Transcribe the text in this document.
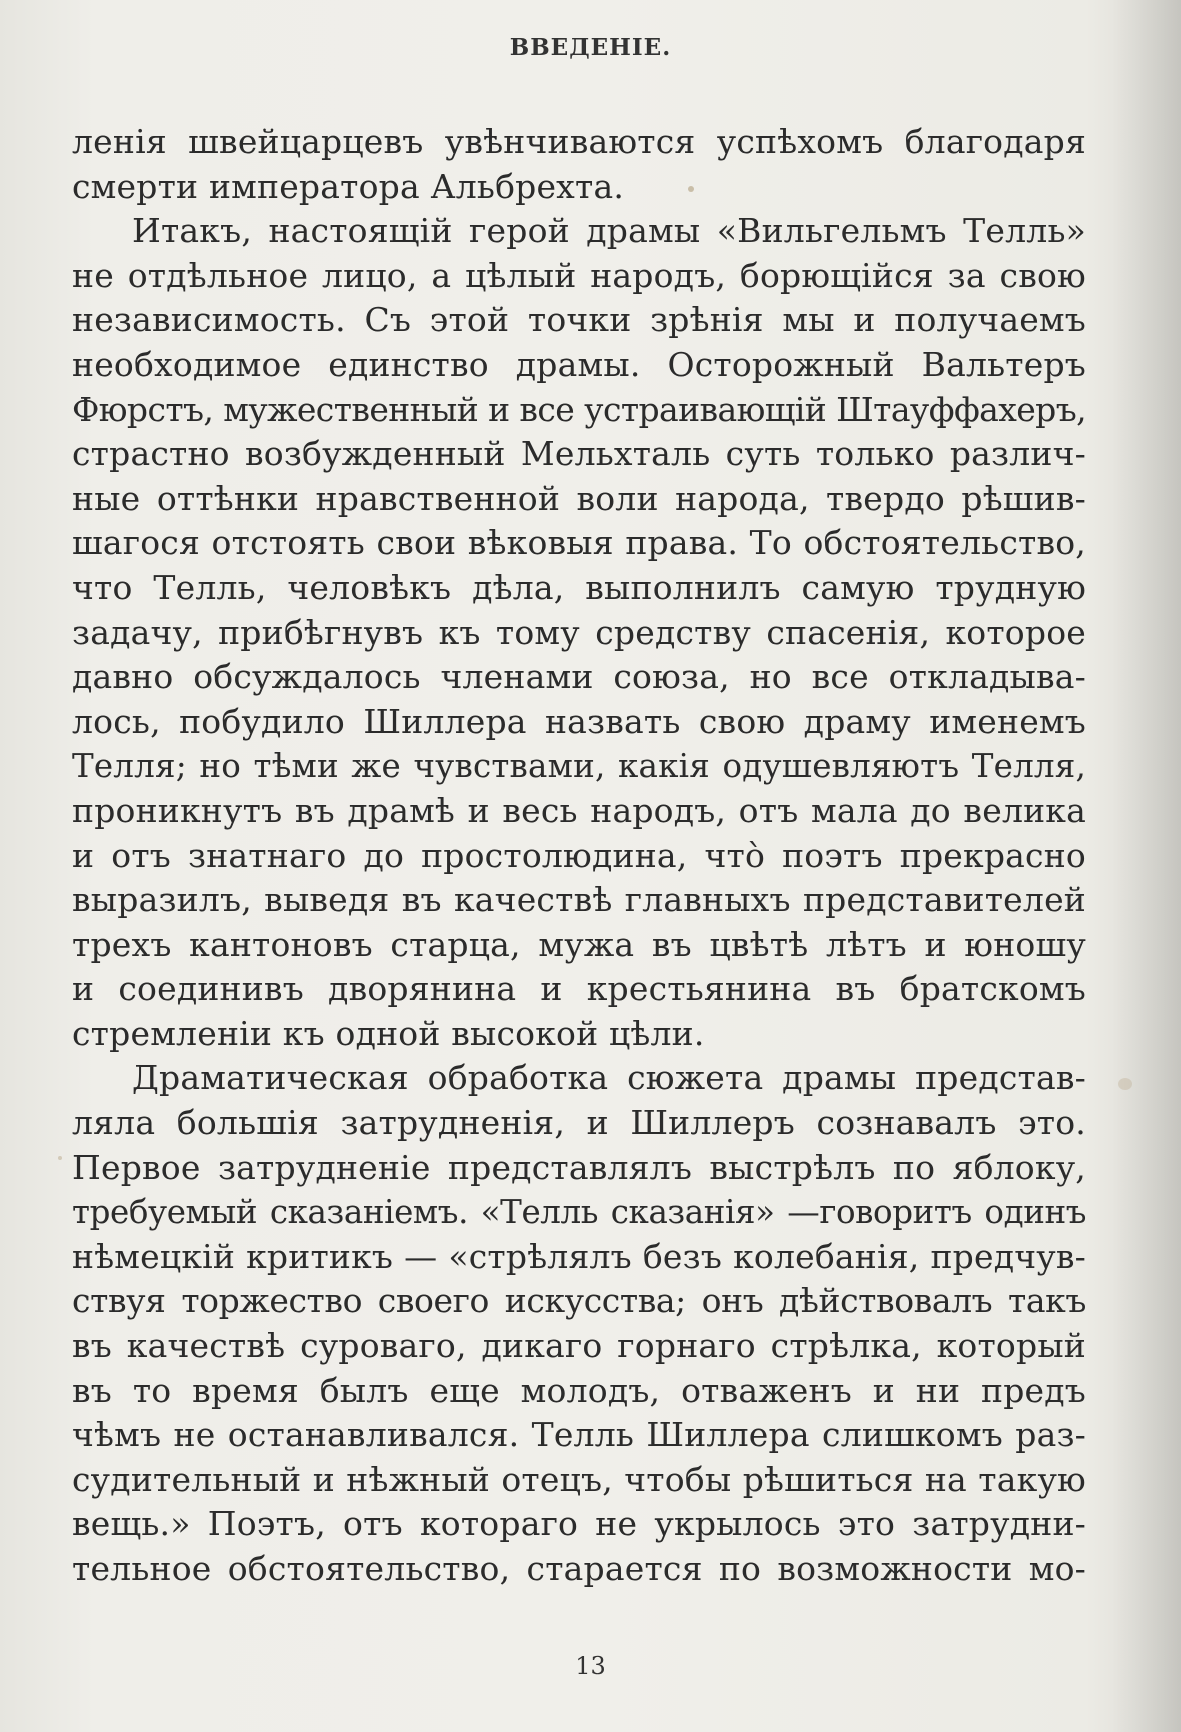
ВВЕДЕНІЕ.
ленія швейцарцевъ увѣнчиваются успѣхомъ благодаря
смерти императора Альбрехта.
Итакъ, настоящій герой драмы «Вильгельмъ Телль»
не отдѣльное лицо, а цѣлый народъ, борющійся за свою
независимость. Съ этой точки зрѣнія мы и получаемъ
необходимое единство драмы. Осторожный Вальтеръ
Фюрстъ, мужественный и все устраивающій Штауффахеръ,
страстно возбужденный Мельхталь суть только различ-
ные оттѣнки нравственной воли народа, твердо рѣшив-
шагося отстоять свои вѣковыя права. То обстоятельство,
что Телль, человѣкъ дѣла, выполнилъ самую трудную
задачу, прибѣгнувъ къ тому средству спасенія, которое
давно обсуждалось членами союза, но все откладыва-
лось, побудило Шиллера назвать свою драму именемъ
Телля; но тѣми же чувствами, какія одушевляютъ Телля,
проникнутъ въ драмѣ и весь народъ, отъ мала до велика
и отъ знатнаго до простолюдина, что̀ поэтъ прекрасно
выразилъ, выведя въ качествѣ главныхъ представителей
трехъ кантоновъ старца, мужа въ цвѣтѣ лѣтъ и юношу
и соединивъ дворянина и крестьянина въ братскомъ
стремленіи къ одной высокой цѣли.
Драматическая обработка сюжета драмы представ-
ляла большія затрудненія, и Шиллеръ сознавалъ это.
Первое затрудненіе представлялъ выстрѣлъ по яблоку,
требуемый сказаніемъ. «Телль сказанія» —говоритъ одинъ
нѣмецкій критикъ — «стрѣлялъ безъ колебанія, предчув-
ствуя торжество своего искусства; онъ дѣйствовалъ такъ
въ качествѣ суроваго, дикаго горнаго стрѣлка, который
въ то время былъ еще молодъ, отваженъ и ни предъ
чѣмъ не останавливался. Телль Шиллера слишкомъ раз-
судительный и нѣжный отецъ, чтобы рѣшиться на такую
вещь.» Поэтъ, отъ котораго не укрылось это затрудни-
тельное обстоятельство, старается по возможности мо-
13
